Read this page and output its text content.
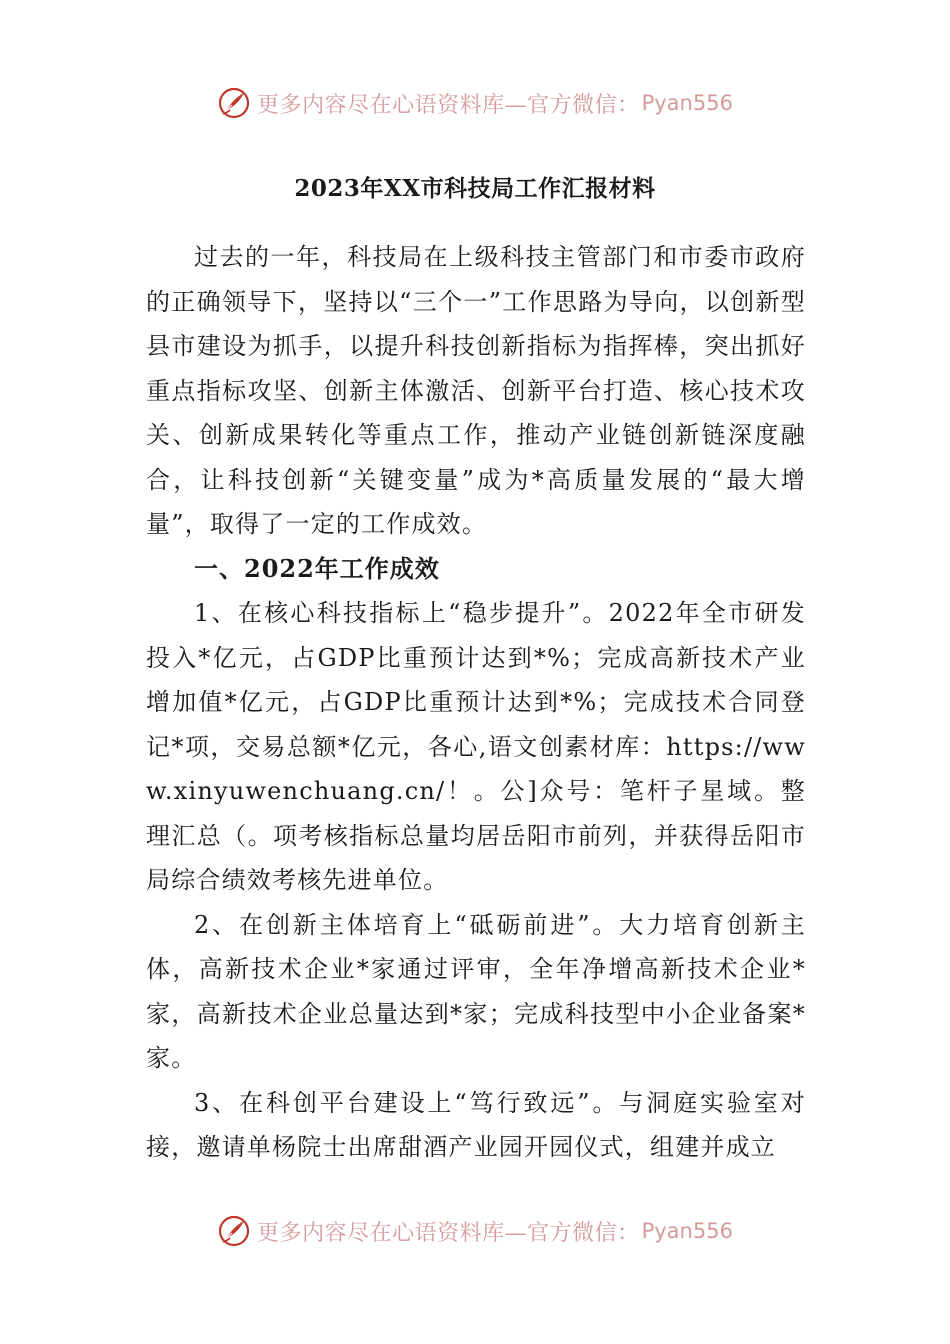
更多内容尽在心语资料库—官方微信： Pyan556
2023年XX市科技局工作汇报材料

过去的一年，科技局在上级科技主管部门和市委市政府的正确领导下，坚持以“三个一”工作思路为导向，以创新型县市建设为抓手，以提升科技创新指标为指挥棒，突出抓好重点指标攻坚、创新主体激活、创新平台打造、核心技术攻关、创新成果转化等重点工作，推动产业链创新链深度融合，让科技创新“关键变量”成为*高质量发展的“最大增量”，取得了一定的工作成效。

一、2022年工作成效

1、在核心科技指标上“稳步提升”。2022年全市研发投入*亿元，占GDP比重预计达到*%；完成高新技术产业增加值*亿元，占GDP比重预计达到*%；完成技术合同登记*项，交易总额*亿元，各心,语文创素材库：https://www.xinyuwenchuang.cn/！。公]众号：笔杆子星域。整理汇总（。项考核指标总量均居岳阳市前列，并获得岳阳市局综合绩效考核先进单位。

2、在创新主体培育上“砥砺前进”。大力培育创新主体，高新技术企业*家通过评审，全年净增高新技术企业*家，高新技术企业总量达到*家；完成科技型中小企业备案*家。

3、在科创平台建设上“笃行致远”。与洞庭实验室对接，邀请单杨院士出席甜酒产业园开园仪式，组建并成立

更多内容尽在心语资料库—官方微信： Pyan556
